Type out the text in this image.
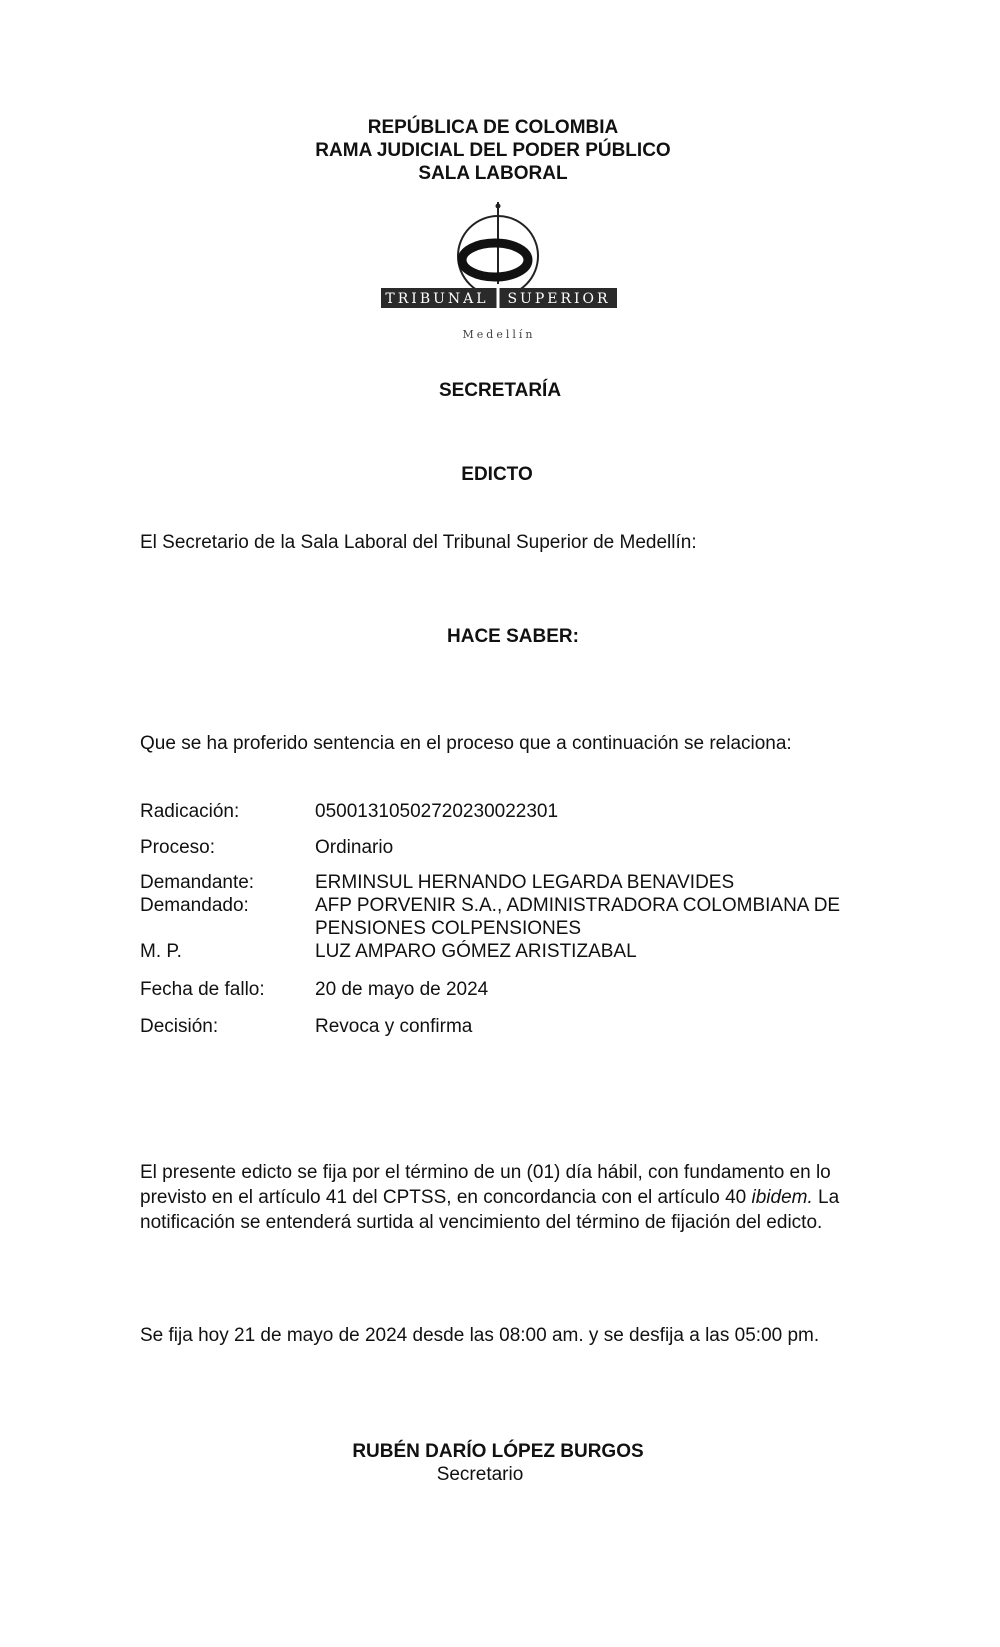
REPÚBLICA DE COLOMBIA
RAMA JUDICIAL DEL PODER PÚBLICO
SALA LABORAL
TRIBUNAL SUPERIOR
Medellín
SECRETARÍA
EDICTO
El Secretario de la Sala Laboral del Tribunal Superior de Medellín:
HACE SABER:
Que se ha proferido sentencia en el proceso que a continuación se relaciona:
Radicación:	05001310502720230022301
Proceso:	Ordinario
Demandante:	ERMINSUL HERNANDO LEGARDA BENAVIDES
Demandado:	AFP PORVENIR S.A., ADMINISTRADORA COLOMBIANA DE PENSIONES COLPENSIONES
M. P.	LUZ AMPARO GÓMEZ ARISTIZABAL
Fecha de fallo:	20 de mayo de 2024
Decisión:	Revoca y confirma
El presente edicto se fija por el término de un (01) día hábil, con fundamento en lo previsto en el artículo 41 del CPTSS, en concordancia con el artículo 40 ibidem. La notificación se entenderá surtida al vencimiento del término de fijación del edicto.
Se fija hoy 21 de mayo de 2024 desde las 08:00 am. y se desfija a las 05:00 pm.
RUBÉN DARÍO LÓPEZ BURGOS
Secretario
